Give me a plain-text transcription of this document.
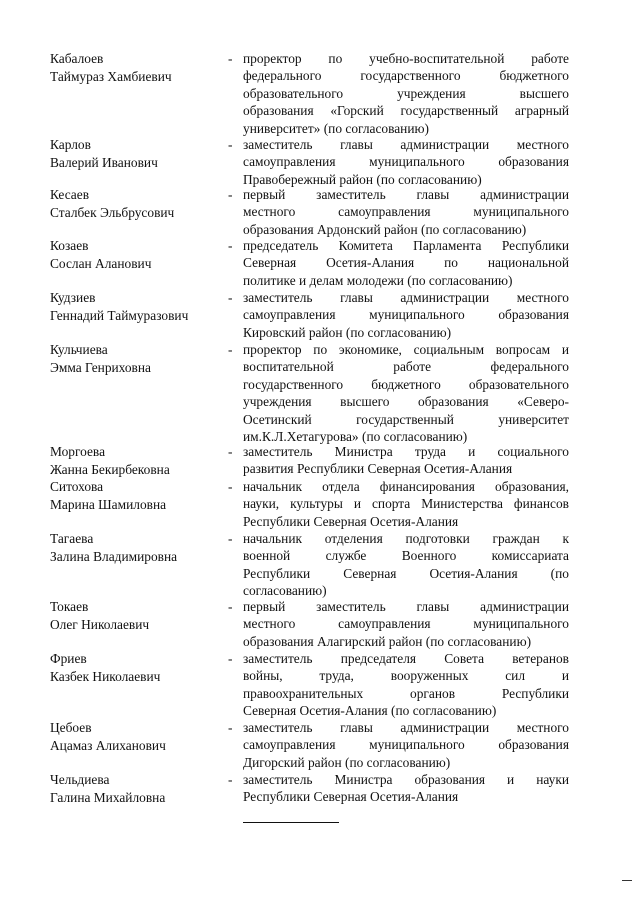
Кабалоев
Таймураз Хамбиевич
- проректор по учебно-воспитательной работе
федерального государственного бюджетного
образовательного учреждения высшего
образования «Горский государственный аграрный
университет» (по согласованию)
Карлов
Валерий Иванович
- заместитель главы администрации местного
самоуправления муниципального образования
Правобережный район (по согласованию)
Кесаев
Сталбек Эльбрусович
- первый заместитель главы администрации
местного самоуправления муниципального
образования Ардонский район (по согласованию)
Козаев
Сослан Аланович
- председатель Комитета Парламента Республики
Северная Осетия-Алания по национальной
политике и делам молодежи (по согласованию)
Кудзиев
Геннадий Таймуразович
- заместитель главы администрации местного
самоуправления муниципального образования
Кировский район (по согласованию)
Кульчиева
Эмма Генриховна
- проректор по экономике, социальным вопросам и
воспитательной работе федерального
государственного бюджетного образовательного
учреждения высшего образования «Северо-
Осетинский государственный университет
им.К.Л.Хетагурова» (по согласованию)
Моргоева
Жанна Бекирбековна
- заместитель Министра труда и социального
развития Республики Северная Осетия-Алания
Ситохова
Марина Шамиловна
- начальник отдела финансирования образования,
науки, культуры и спорта Министерства финансов
Республики Северная Осетия-Алания
Тагаева
Залина Владимировна
- начальник отделения подготовки граждан к
военной службе Военного комиссариата
Республики Северная Осетия-Алания (по
согласованию)
Токаев
Олег Николаевич
- первый заместитель главы администрации
местного самоуправления муниципального
образования Алагирский район (по согласованию)
Фриев
Казбек Николаевич
- заместитель председателя Совета ветеранов
войны, труда, вооруженных сил и
правоохранительных органов Республики
Северная Осетия-Алания (по согласованию)
Цебоев
Ацамаз Алиханович
- заместитель главы администрации местного
самоуправления муниципального образования
Дигорский район (по согласованию)
Чельдиева
Галина Михайловна
- заместитель Министра образования и науки
Республики Северная Осетия-Алания
